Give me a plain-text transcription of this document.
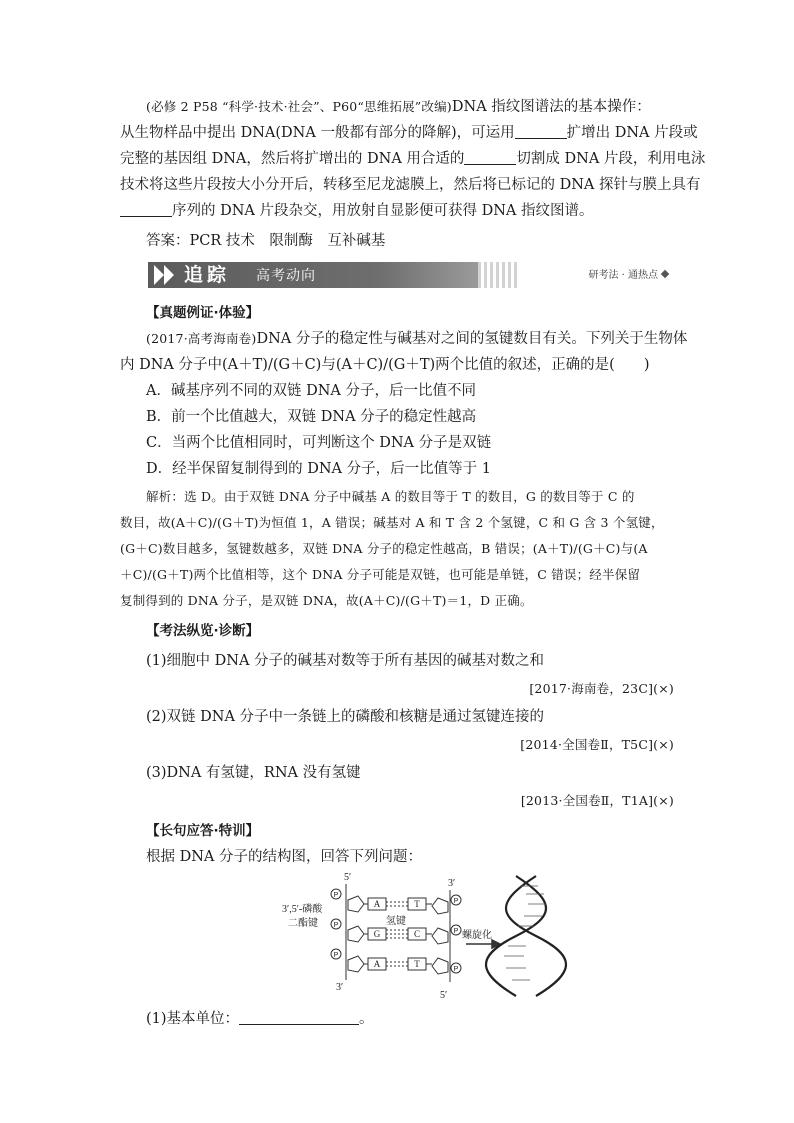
(必修 2 P58 “科学·技术·社会”、P60“思维拓展”改编)DNA 指纹图谱法的基本操作：
从生物样品中提出 DNA(DNA 一般都有部分的降解)，可运用	扩增出 DNA 片段或
完整的基因组 DNA，然后将扩增出的 DNA 用合适的	切割成 DNA 片段，利用电泳
技术将这些片段按大小分开后，转移至尼龙滤膜上，然后将已标记的 DNA 探针与膜上具有
序列的 DNA 片段杂交，用放射自显影便可获得 DNA 指纹图谱。
答案：PCR 技术　限制酶　互补碱基
追踪 高考动向	研考法 · 通热点
【真题例证·体验】
(2017·高考海南卷)DNA 分子的稳定性与碱基对之间的氢键数目有关。下列关于生物体
内 DNA 分子中(A＋T)/(G＋C)与(A＋C)/(G＋T)两个比值的叙述，正确的是(　　)
A．碱基序列不同的双链 DNA 分子，后一比值不同
B．前一个比值越大，双链 DNA 分子的稳定性越高
C．当两个比值相同时，可判断这个 DNA 分子是双链
D．经半保留复制得到的 DNA 分子，后一比值等于 1
解析：选 D。由于双链 DNA 分子中碱基 A 的数目等于 T 的数目，G 的数目等于 C 的
数目，故(A＋C)/(G＋T)为恒值 1，A 错误；碱基对 A 和 T 含 2 个氢键，C 和 G 含 3 个氢键，
(G＋C)数目越多，氢键数越多，双链 DNA 分子的稳定性越高，B 错误；(A＋T)/(G＋C)与(A
＋C)/(G＋T)两个比值相等，这个 DNA 分子可能是双链，也可能是单链，C 错误；经半保留
复制得到的 DNA 分子，是双链 DNA，故(A＋C)/(G＋T)＝1，D 正确。
【考法纵览·诊断】
(1)细胞中 DNA 分子的碱基对数等于所有基因的碱基对数之和
[2017·海南卷，23C](×)
(2)双链 DNA 分子中一条链上的磷酸和核糖是通过氢键连接的
[2014·全国卷Ⅱ，T5C](×)
(3)DNA 有氢键，RNA 没有氢键
[2013·全国卷Ⅱ，T1A](×)
【长句应答·特训】
根据 DNA 分子的结构图，回答下列问题：
3′,5′-磷酸
二酯键
5′
3′
3′
5′
氢键
螺旋化
P
P
P
P
P
P
A	T
G	C
A	T
(1)基本单位：	。
